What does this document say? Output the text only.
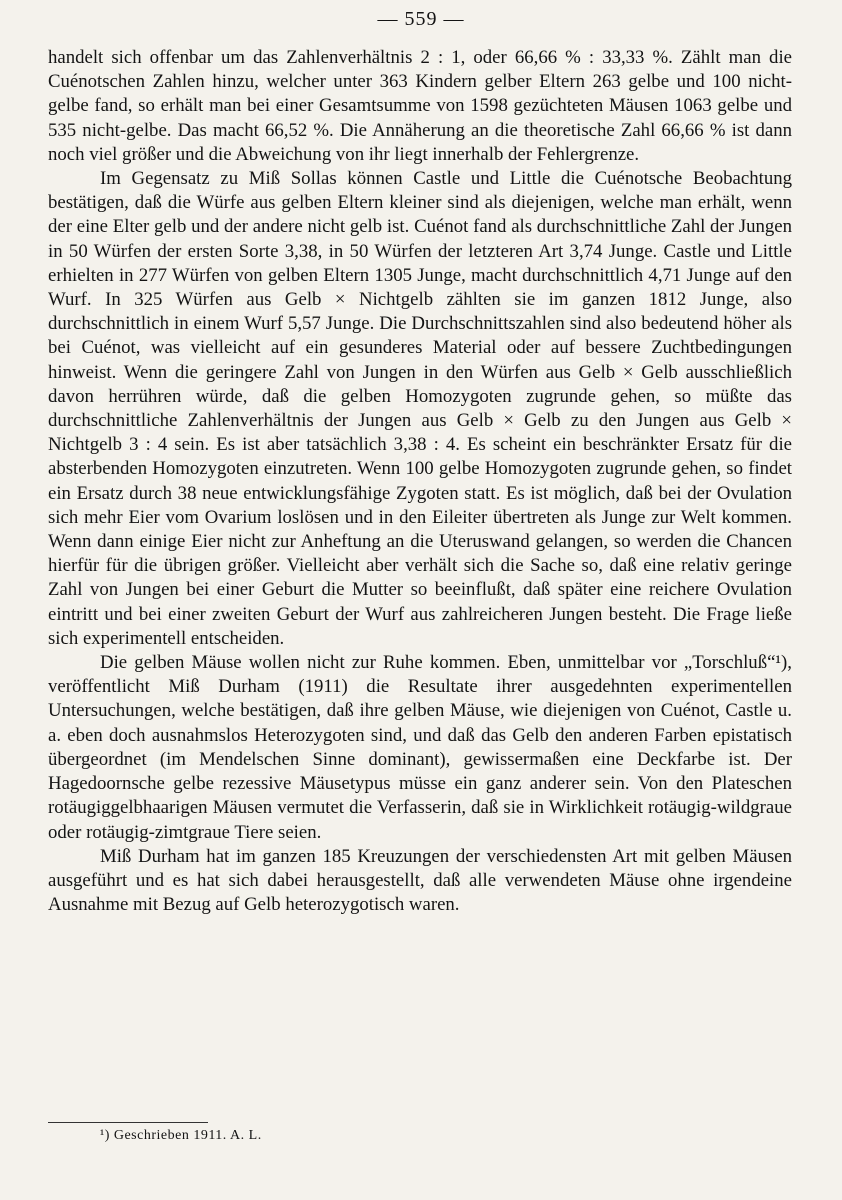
— 559 —

handelt sich offenbar um das Zahlenverhältnis 2 : 1, oder 66,66 % : 33,33 %. Zählt man die Cuénotschen Zahlen hinzu, welcher unter 363 Kindern gelber Eltern 263 gelbe und 100 nicht-gelbe fand, so erhält man bei einer Gesamtsumme von 1598 gezüchteten Mäusen 1063 gelbe und 535 nicht-gelbe. Das macht 66,52 %. Die Annäherung an die theoretische Zahl 66,66 % ist dann noch viel größer und die Abweichung von ihr liegt innerhalb der Fehlergrenze.

Im Gegensatz zu Miß Sollas können Castle und Little die Cuénotsche Beobachtung bestätigen, daß die Würfe aus gelben Eltern kleiner sind als diejenigen, welche man erhält, wenn der eine Elter gelb und der andere nicht gelb ist. Cuénot fand als durchschnittliche Zahl der Jungen in 50 Würfen der ersten Sorte 3,38, in 50 Würfen der letzteren Art 3,74 Junge. Castle und Little erhielten in 277 Würfen von gelben Eltern 1305 Junge, macht durchschnittlich 4,71 Junge auf den Wurf. In 325 Würfen aus Gelb × Nichtgelb zählten sie im ganzen 1812 Junge, also durchschnittlich in einem Wurf 5,57 Junge. Die Durchschnittszahlen sind also bedeutend höher als bei Cuénot, was vielleicht auf ein gesunderes Material oder auf bessere Zuchtbedingungen hinweist. Wenn die geringere Zahl von Jungen in den Würfen aus Gelb × Gelb ausschließlich davon herrühren würde, daß die gelben Homozygoten zugrunde gehen, so müßte das durchschnittliche Zahlenverhältnis der Jungen aus Gelb × Gelb zu den Jungen aus Gelb × Nichtgelb 3 : 4 sein. Es ist aber tatsächlich 3,38 : 4. Es scheint ein beschränkter Ersatz für die absterbenden Homozygoten einzutreten. Wenn 100 gelbe Homozygoten zugrunde gehen, so findet ein Ersatz durch 38 neue entwicklungsfähige Zygoten statt. Es ist möglich, daß bei der Ovulation sich mehr Eier vom Ovarium loslösen und in den Eileiter übertreten als Junge zur Welt kommen. Wenn dann einige Eier nicht zur Anheftung an die Uteruswand gelangen, so werden die Chancen hierfür für die übrigen größer. Vielleicht aber verhält sich die Sache so, daß eine relativ geringe Zahl von Jungen bei einer Geburt die Mutter so beeinflußt, daß später eine reichere Ovulation eintritt und bei einer zweiten Geburt der Wurf aus zahlreicheren Jungen besteht. Die Frage ließe sich experimentell entscheiden.

Die gelben Mäuse wollen nicht zur Ruhe kommen. Eben, unmittelbar vor „Torschluß“¹), veröffentlicht Miß Durham (1911) die Resultate ihrer ausgedehnten experimentellen Untersuchungen, welche bestätigen, daß ihre gelben Mäuse, wie diejenigen von Cuénot, Castle u. a. eben doch ausnahmslos Heterozygoten sind, und daß das Gelb den anderen Farben epistatisch übergeordnet (im Mendelschen Sinne dominant), gewissermaßen eine Deckfarbe ist. Der Hagedoornsche gelbe rezessive Mäusetypus müsse ein ganz anderer sein. Von den Plateschen rotäugiggelbhaarigen Mäusen vermutet die Verfasserin, daß sie in Wirklichkeit rotäugig-wildgraue oder rotäugig-zimtgraue Tiere seien.

Miß Durham hat im ganzen 185 Kreuzungen der verschiedensten Art mit gelben Mäusen ausgeführt und es hat sich dabei herausgestellt, daß alle verwendeten Mäuse ohne irgendeine Ausnahme mit Bezug auf Gelb heterozygotisch waren.

¹) Geschrieben 1911. A. L.
